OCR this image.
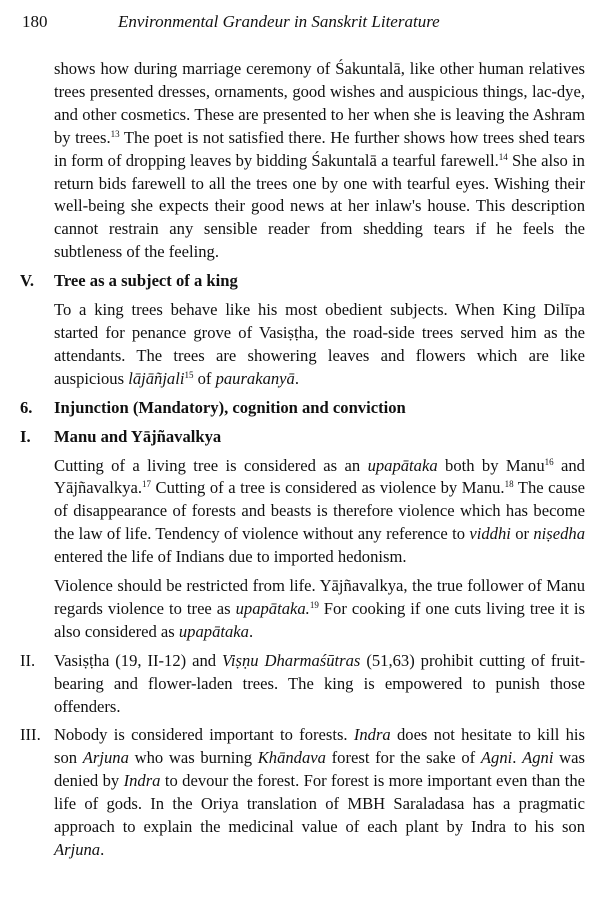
180	Environmental Grandeur in Sanskrit Literature

shows how during marriage ceremony of Śakuntalā, like other human relatives trees presented dresses, ornaments, good wishes and auspicious things, lac-dye, and other cosmetics. These are presented to her when she is leaving the Ashram by trees.$^{13}$ The poet is not satisfied there. He further shows how trees shed tears in form of dropping leaves by bidding Śakuntalā a tearful farewell.$^{14}$ She also in return bids farewell to all the trees one by one with tearful eyes. Wishing their well-being she expects their good news at her inlaw's house. This description cannot restrain any sensible reader from shedding tears if he feels the subtleness of the feeling.

V.	Tree as a subject of a king

To a king trees behave like his most obedient subjects. When King Dilīpa started for penance grove of Vasiṣṭha, the road-side trees served him as the attendants. The trees are showering leaves and flowers which are like auspicious lājāñjali$^{15}$ of paurakanyā.

6.	Injunction (Mandatory), cognition and conviction
I.	Manu and Yājñavalkya

Cutting of a living tree is considered as an upapātaka both by Manu$^{16}$ and Yājñavalkya.$^{17}$ Cutting of a tree is considered as violence by Manu.$^{18}$ The cause of disappearance of forests and beasts is therefore violence which has become the law of life. Tendency of violence without any reference to viddhi or niṣedha entered the life of Indians due to imported hedonism.

Violence should be restricted from life. Yājñavalkya, the true follower of Manu regards violence to tree as upapātaka.$^{19}$ For cooking if one cuts living tree it is also considered as upapātaka.

II.	Vasiṣṭha (19, II-12) and Viṣṇu Dharmaśūtras (51,63) prohibit cutting of fruit-bearing and flower-laden trees. The king is empowered to punish those offenders.

III. Nobody is considered important to forests. Indra does not hesitate to kill his son Arjuna who was burning Khāndava forest for the sake of Agni. Agni was denied by Indra to devour the forest. For forest is more important even than the life of gods. In the Oriya translation of MBH Saraladasa has a pragmatic approach to explain the medicinal value of each plant by Indra to his son Arjuna.
